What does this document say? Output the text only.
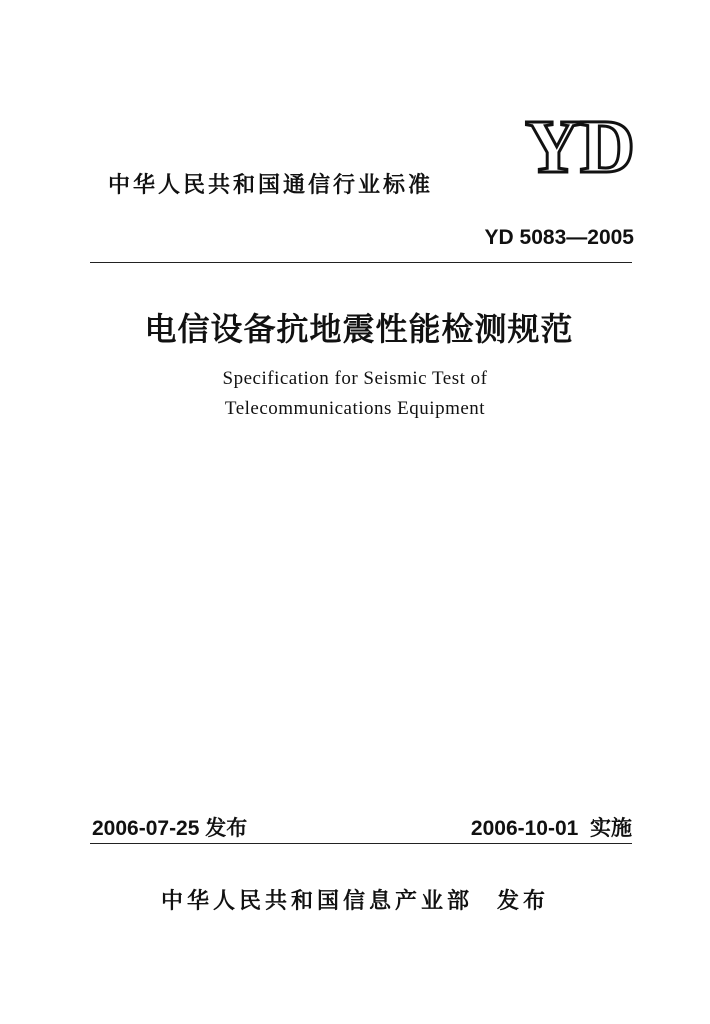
YD
中华人民共和国通信行业标准
YD 5083—2005
电信设备抗地震性能检测规范
Specification for Seismic Test of
Telecommunications Equipment
2006-07-25 发布	2006-10-01  实施
中华人民共和国信息产业部 发布
